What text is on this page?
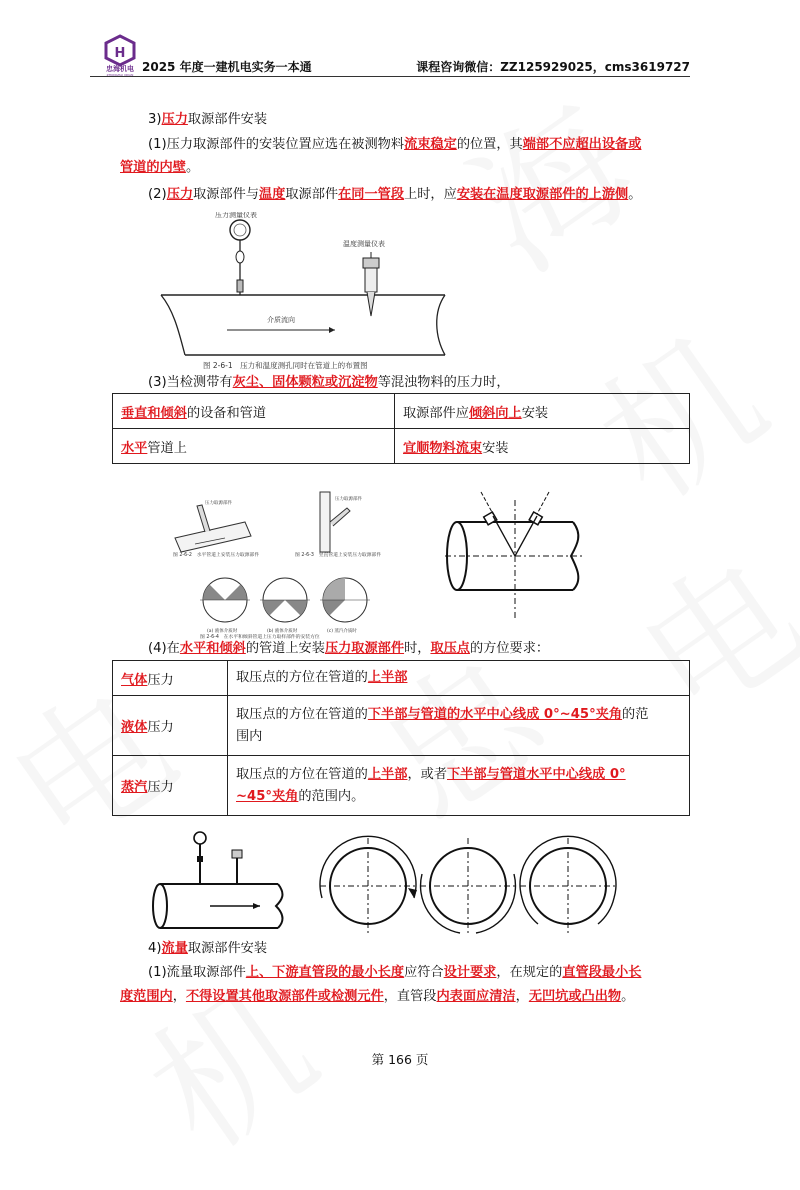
H
忠海机电
ZHONGHAI JIDIAN
2025 年度一建机电实务一本通	课程咨询微信：ZZ125929025，cms3619727
3)压力取源部件安装
(1)压力取源部件的安装位置应选在被测物料流束稳定的位置，其端部不应超出设备或
管道的内壁。
(2)压力取源部件与温度取源部件在同一管段上时，应安装在温度取源部件的上游侧。
压力测量仪表
温度测量仪表
介质流向
图 2-6-1　压力和温度测孔同时在管道上的布置图
(3)当检测带有灰尘、固体颗粒或沉淀物等混浊物料的压力时，
垂直和倾斜的设备和管道	取源部件应倾斜向上安装
水平管道上	宜顺物料流束安装
压力取源部件
压力取源部件
图 2-6-2　水平管道上安装压力取源部件	图 2-6-3　竖直管道上安装压力取源部件
(a) 液体介质时	(b) 液体介质时	(c) 蒸汽介质时
图 2-6-4　在水平和倾斜管道上压力取样部件的安装方位
(4)在水平和倾斜的管道上安装压力取源部件时，取压点的方位要求：
气体压力	取压点的方位在管道的上半部
液体压力	取压点的方位在管道的下半部与管道的水平中心线成 0°~45°夹角的范
围内
蒸汽压力	取压点的方位在管道的上半部，或者下半部与管道水平中心线成 0°
~45°夹角的范围内。
4)流量取源部件安装
(1)流量取源部件上、下游直管段的最小长度应符合设计要求，在规定的直管段最小长
度范围内，不得设置其他取源部件或检测元件，直管段内表面应清洁，无凹坑或凸出物。
第 166 页
